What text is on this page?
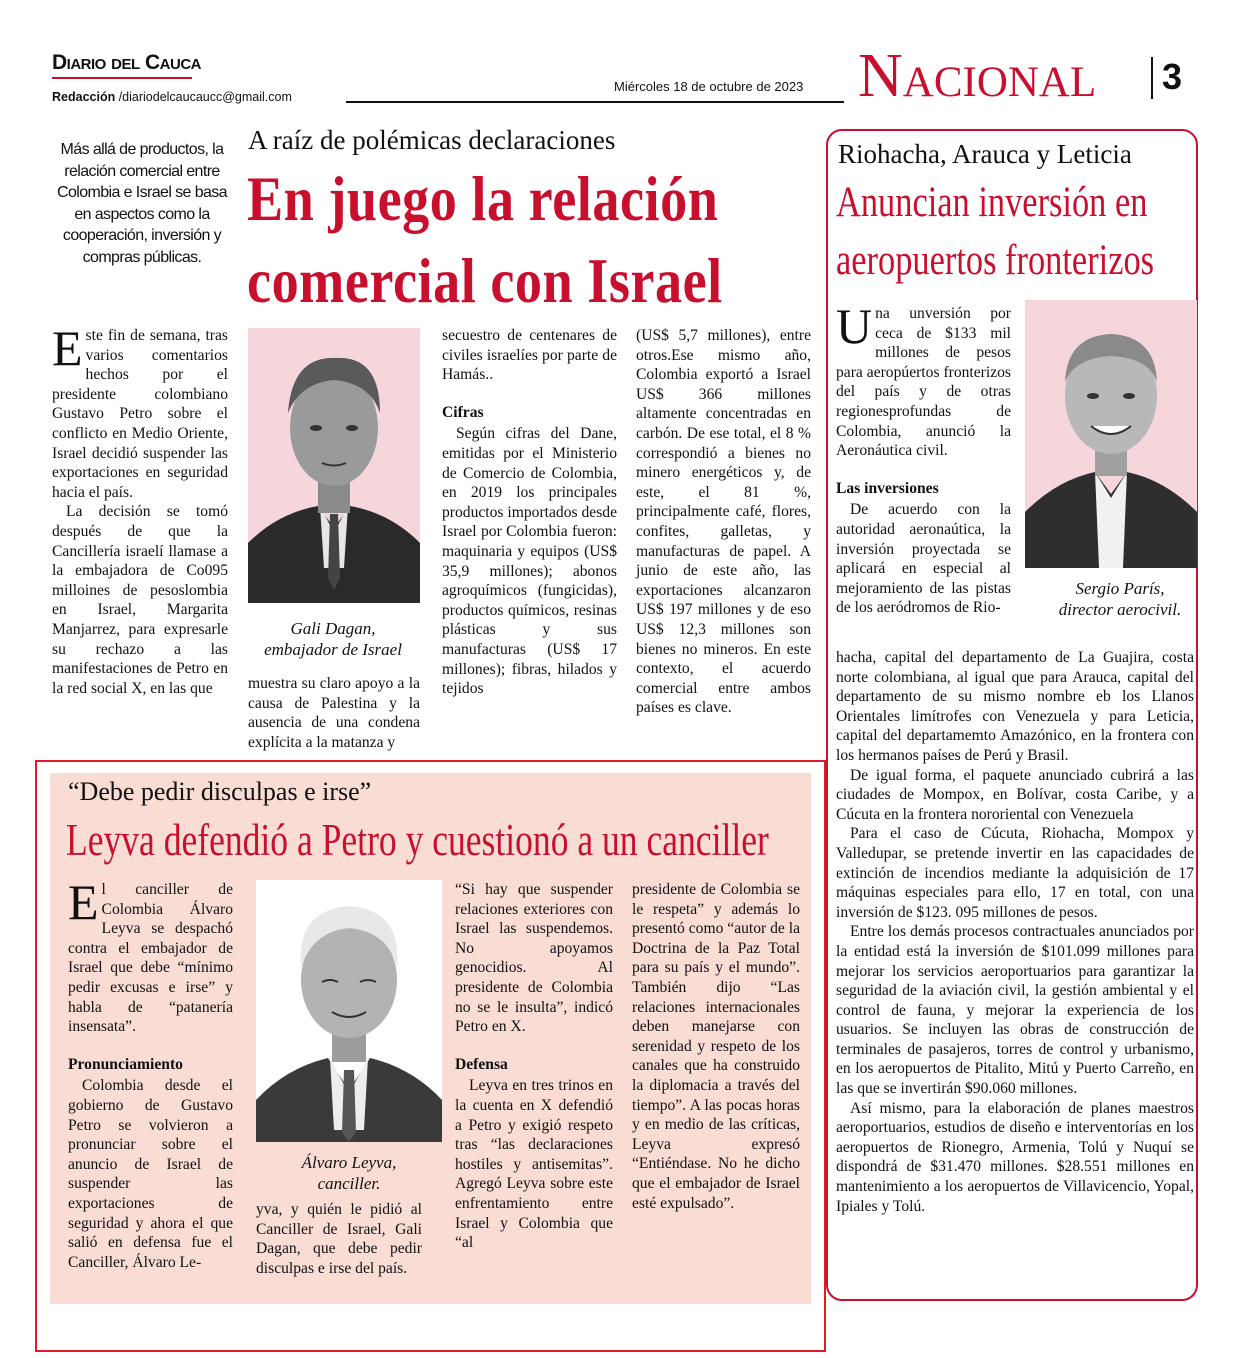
Diario del Cauca
Redacción /diariodelcaucaucc@gmail.com
Miércoles 18 de octubre de 2023 Nacional 3
Más allá de productos, la relación comercial entre Colombia e Israel se basa en aspectos como la cooperación, inversión y compras públicas.
A raíz de polémicas declaraciones
En juego la relación
comercial con Israel

Este fin de semana, tras varios comentarios hechos por el presidente colombiano Gustavo Petro sobre el conflicto en Medio Oriente, Israel decidió suspender las exportaciones en seguridad hacia el país.

La decisión se tomó después de que la Cancillería israelí llamase a la embajadora de Co095 milloines de pesoslombia en Israel, Margarita Manjarrez, para expresarle su rechazo a las manifestaciones de Petro en la red social X, en las que

Gali Dagan,
embajador de Israel

muestra su claro apoyo a la causa de Palestina y la ausencia de una condena explícita a la matanza y

secuestro de centenares de civiles israelíes por parte de Hamás..

Cifras

Según cifras del Dane, emitidas por el Ministerio de Comercio de Colombia, en 2019 los principales productos importados desde Israel por Colombia fueron: maquinaria y equipos (US$ 35,9 millones); abonos agroquímicos (fungicidas), productos químicos, resinas plásticas y sus manufacturas (US$ 17 millones); fibras, hilados y tejidos

(US$ 5,7 millones), entre otros.Ese mismo año, Colombia exportó a Israel US$ 366 millones altamente concentradas en carbón. De ese total, el 8 % correspondió a bienes no minero energéticos y, de este, el 81 %, principalmente café, flores, confites, galletas, y manufacturas de papel. A junio de este año, las exportaciones alcanzaron US$ 197 millones y de eso US$ 12,3 millones son bienes no mineros. En este contexto, el acuerdo comercial entre ambos países es clave.

“Debe pedir disculpas e irse”
Leyva defendió a Petro y cuestionó a un canciller

El canciller de Colombia Álvaro Leyva se despachó contra el embajador de Israel que debe “mínimo pedir excusas e irse” y habla de “patanería insensata”.

Pronunciamiento

Colombia desde el gobierno de Gustavo Petro se volvieron a pronunciar sobre el anuncio de Israel de suspender las exportaciones de seguridad y ahora el que salió en defensa fue el Canciller, Álvaro Le-

Álvaro Leyva,
canciller.

yva, y quién le pidió al Canciller de Israel, Gali Dagan, que debe pedir disculpas e irse del país.

“Si hay que suspender relaciones exteriores con Israel las suspendemos. No apoyamos genocidios. Al presidente de Colombia no se le insulta”, indicó Petro en X.

Defensa

Leyva en tres trinos en la cuenta en X defendió a Petro y exigió respeto tras “las declaraciones hostiles y antisemitas”. Agregó Leyva sobre este enfrentamiento entre Israel y Colombia que “al

presidente de Colombia se le respeta” y además lo presentó como “autor de la Doctrina de la Paz Total para su país y el mundo”. También dijo “Las relaciones internacionales deben manejarse con serenidad y respeto de los canales que ha construido la diplomacia a través del tiempo”. A las pocas horas y en medio de las críticas, Leyva expresó “Entiéndase. No he dicho que el embajador de Israel esté expulsado”.

Riohacha, Arauca y Leticia
Anuncian inversión en
aeropuertos fronterizos
Sergio París,
director aerocivil.

Una unversión por ceca de $133 mil millones de pesos para aeropúertos fronterizos del país y de otras regionesprofundas de Colombia, anunció la Aeronáutica civil.

Las inversiones

De acuerdo con la autoridad aeronaútica, la inversión proyectada se aplicará en especial al mejoramiento de las pistas de los aeródromos de Rio-

hacha, capital del departamento de La Guajira, costa norte colombiana, al igual que para Arauca, capital del departamento de su mismo nombre eb los Llanos Orientales limítrofes con Venezuela y para Leticia, capital del departamemto Amazónico, en la frontera con los hermanos países de Perú y Brasil.

De igual forma, el paquete anunciado cubrirá a las ciudades de Mompox, en Bolívar, costa Caribe, y a Cúcuta en la frontera nororiental con Venezuela

Para el caso de Cúcuta, Riohacha, Mompox y Valledupar, se pretende invertir en las capacidades de extinción de incendios mediante la adquisición de 17 máquinas especiales para ello, 17 en total, con una inversión de $123. 095 millones de pesos.

Entre los demás procesos contractuales anunciados por la entidad está la inversión de $101.099 millones para mejorar los servicios aeroportuarios para garantizar la seguridad de la aviación civil, la gestión ambiental y el control de fauna, y mejorar la experiencia de los usuarios. Se incluyen las obras de construcción de terminales de pasajeros, torres de control y urbanismo, en los aeropuertos de Pitalito, Mitú y Puerto Carreño, en las que se invertirán $90.060 millones.

Así mismo, para la elaboración de planes maestros aeroportuarios, estudios de diseño e interventorías en los aeropuertos de Rionegro, Armenia, Tolú y Nuquí se dispondrá de $31.470 millones. $28.551 millones en mantenimiento a los aeropuertos de Villavicencio, Yopal, Ipiales y Tolú.
